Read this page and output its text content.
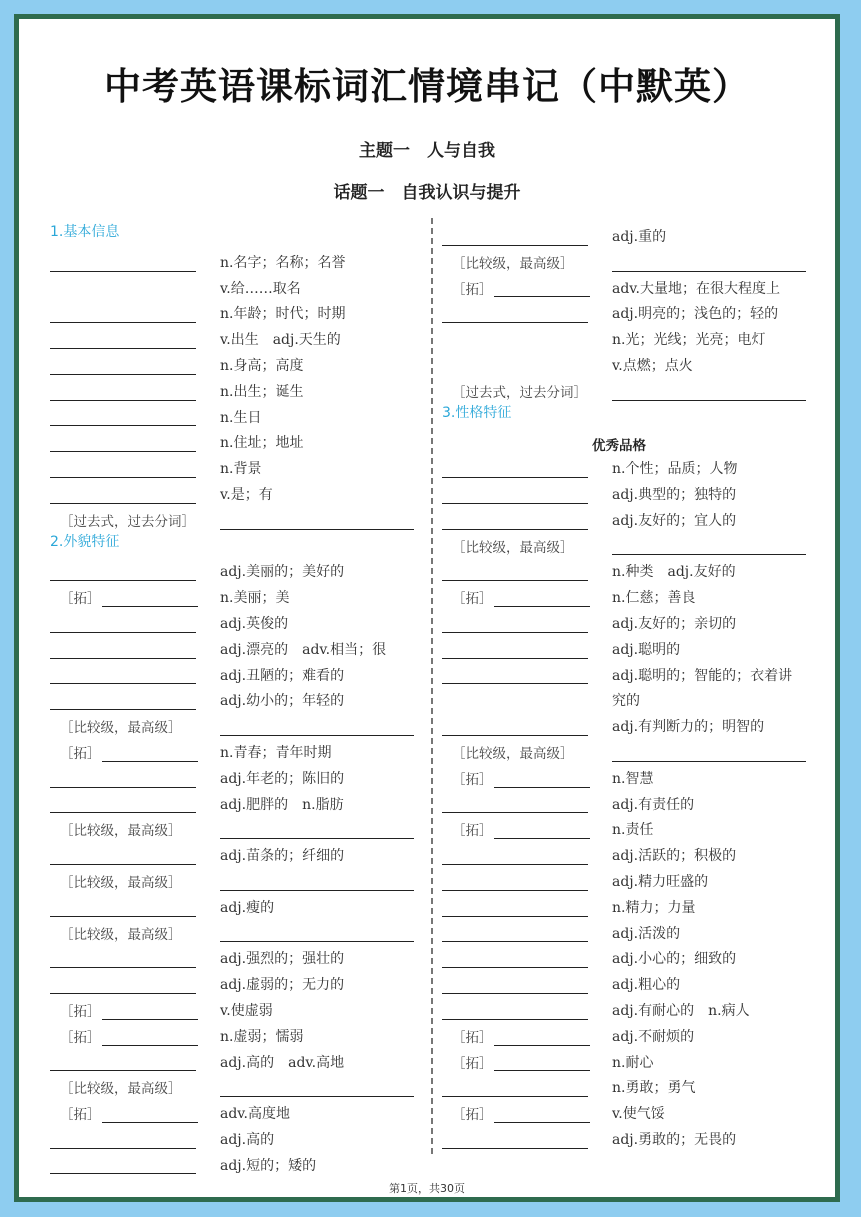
中考英语课标词汇情境串记（中默英）
主题一　人与自我
话题一　自我认识与提升
1.基本信息
n.名字；名称；名誉
v.给……取名
n.年龄；时代；时期
v.出生　adj.天生的
n.身高；高度
n.出生；诞生
n.生日
n.住址；地址
n.背景
v.是；有
［过去式，过去分词］
2.外貌特征
adj.美丽的；美好的
［拓］	n.美丽；美
adj.英俊的
adj.漂亮的　adv.相当；很
adj.丑陋的；难看的
adj.幼小的；年轻的
［比较级，最高级］
［拓］	n.青春；青年时期
adj.年老的；陈旧的
adj.肥胖的　n.脂肪
［比较级，最高级］
adj.苗条的；纤细的
［比较级，最高级］
adj.瘦的
［比较级，最高级］
adj.强烈的；强壮的
adj.虚弱的；无力的
［拓］	v.使虚弱
［拓］	n.虚弱；懦弱
adj.高的　adv.高地
［比较级，最高级］
［拓］	adv.高度地
adj.高的
adj.短的；矮的
adj.重的
［比较级，最高级］
［拓］	adv.大量地；在很大程度上
adj.明亮的；浅色的；轻的
n.光；光线；光亮；电灯
v.点燃；点火
［过去式，过去分词］
3.性格特征
优秀品格
n.个性；品质；人物
adj.典型的；独特的
adj.友好的；宜人的
［比较级，最高级］
n.种类　adj.友好的
［拓］	n.仁慈；善良
adj.友好的；亲切的
adj.聪明的
adj.聪明的；智能的；衣着讲
究的
adj.有判断力的；明智的
［比较级，最高级］
［拓］	n.智慧
adj.有责任的
［拓］	n.责任
adj.活跃的；积极的
adj.精力旺盛的
n.精力；力量
adj.活泼的
adj.小心的；细致的
adj.粗心的
adj.有耐心的　n.病人
［拓］	adj.不耐烦的
［拓］	n.耐心
n.勇敢；勇气
［拓］	v.使气馁
adj.勇敢的；无畏的
第1页，共30页
